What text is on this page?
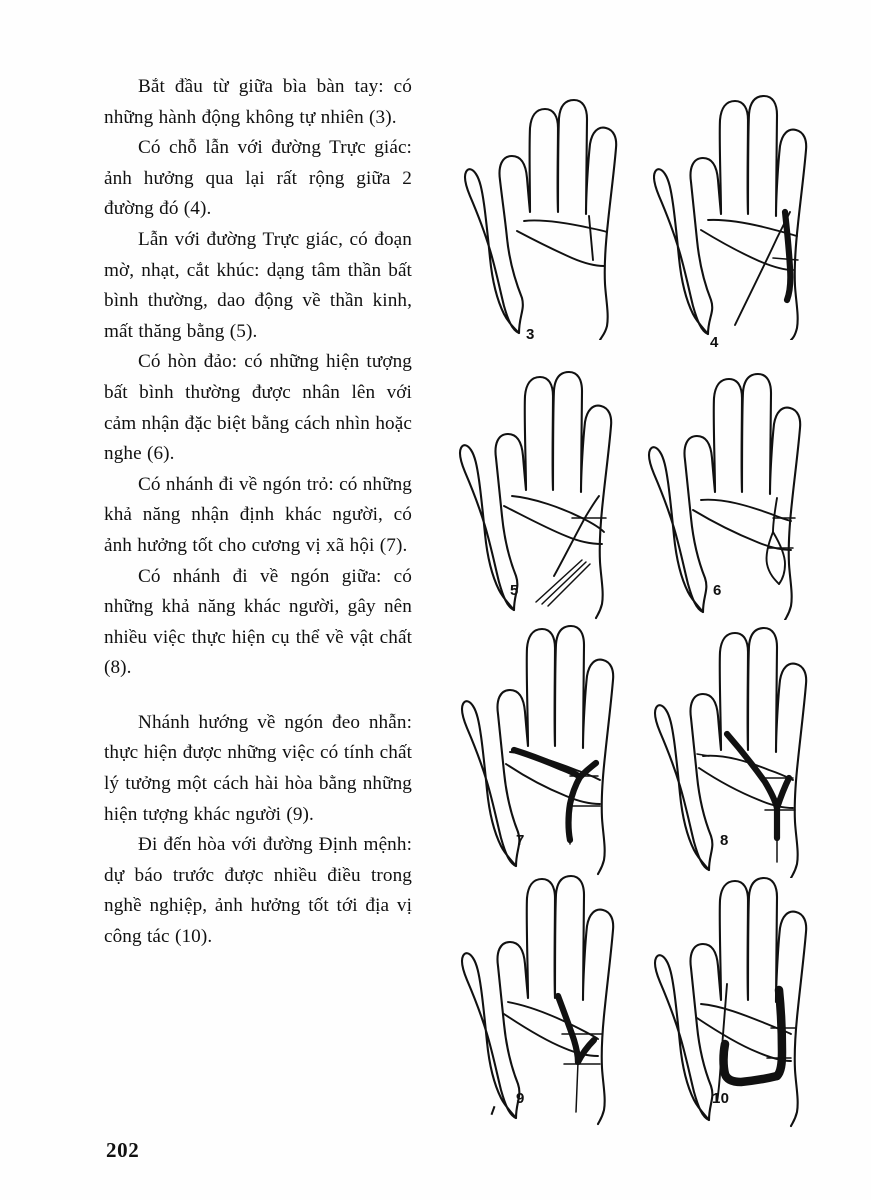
Bắt đầu từ giữa bìa bàn tay: có những hành động không tự nhiên (3).

Có chỗ lẫn với đường Trực giác: ảnh hưởng qua lại rất rộng giữa 2 đường đó (4).

Lẫn với đường Trực giác, có đoạn mờ, nhạt, cắt khúc: dạng tâm thần bất bình thường, dao động về thần kinh, mất thăng bằng (5).

Có hòn đảo: có những hiện tượng bất bình thường được nhân lên với cảm nhận đặc biệt bằng cách nhìn hoặc nghe (6).

Có nhánh đi về ngón trỏ: có những khả năng nhận định khác người, có ảnh hưởng tốt cho cương vị xã hội (7).

Có nhánh đi về ngón giữa: có những khả năng khác người, gây nên nhiều việc thực hiện cụ thể về vật chất (8).

Nhánh hướng về ngón đeo nhẫn: thực hiện được những việc có tính chất lý tưởng một cách hài hòa bằng những hiện tượng khác người (9).

Đi đến hòa với đường Định mệnh: dự báo trước được nhiều điều trong nghề nghiệp, ảnh hưởng tốt tới địa vị công tác (10).

202
3	4
5	6
7	8
9	10
